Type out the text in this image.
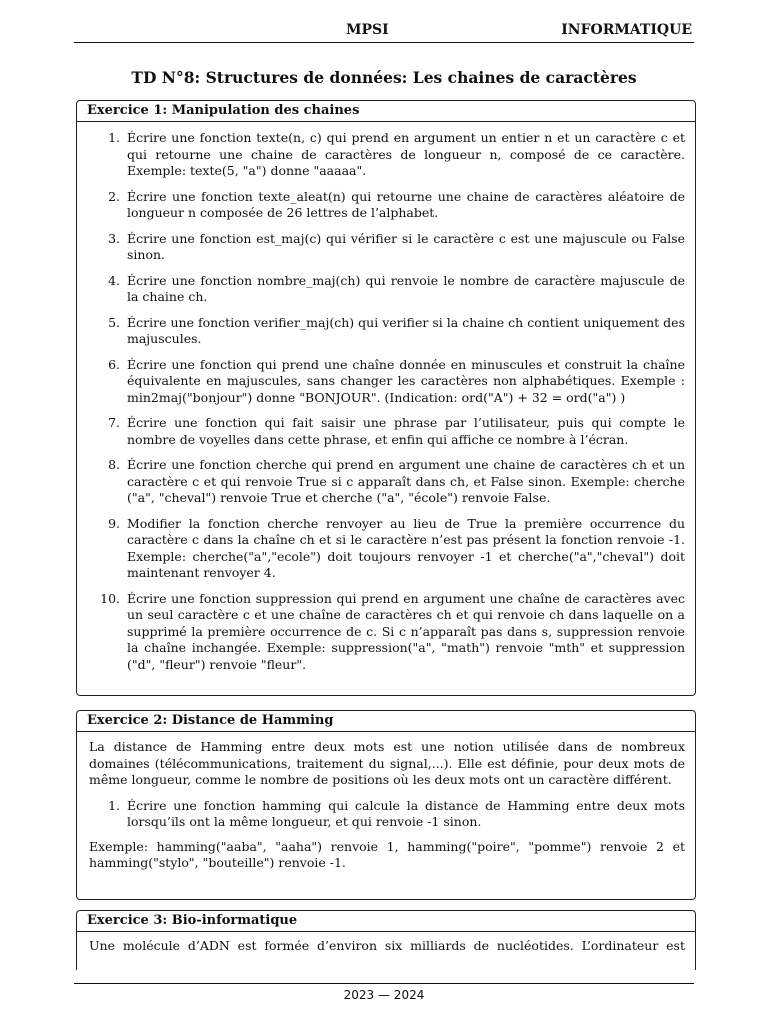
MPSI	INFORMATIQUE
TD N°8: Structures de données: Les chaines de caractères
Exercice 1: Manipulation des chaines
1. Écrire une fonction texte(n, c) qui prend en argument un entier n et un caractère c et qui retourne une chaine de caractères de longueur n, composé de ce caractère. Exemple: texte(5, "a") donne "aaaaa".
2. Écrire une fonction texte_aleat(n) qui retourne une chaine de caractères aléatoire de longueur n composée de 26 lettres de l’alphabet.
3. Écrire une fonction est_maj(c) qui vérifier si le caractère c est une majuscule ou False sinon.
4. Écrire une fonction nombre_maj(ch) qui renvoie le nombre de caractère majuscule de la chaine ch.
5. Écrire une fonction verifier_maj(ch) qui verifier si la chaine ch contient uniquement des majuscules.
6. Écrire une fonction qui prend une chaîne donnée en minuscules et construit la chaîne équivalente en majuscules, sans changer les caractères non alphabétiques. Exemple : min2maj("bonjour") donne "BONJOUR". (Indication: ord("A") + 32 = ord("a") )
7. Écrire une fonction qui fait saisir une phrase par l’utilisateur, puis qui compte le nombre de voyelles dans cette phrase, et enfin qui affiche ce nombre à l’écran.
8. Écrire une fonction cherche qui prend en argument une chaine de caractères ch et un caractère c et qui renvoie True si c apparaît dans ch, et False sinon. Exemple: cherche ("a", "cheval") renvoie True et cherche ("a", "école") renvoie False.
9. Modifier la fonction cherche renvoyer au lieu de True la première occurrence du caractère c dans la chaîne ch et si le caractère n’est pas présent la fonction renvoie -1. Exemple: cherche("a","ecole") doit toujours renvoyer -1 et cherche("a","cheval") doit maintenant renvoyer 4.
10. Écrire une fonction suppression qui prend en argument une chaîne de caractères avec un seul caractère c et une chaîne de caractères ch et qui renvoie ch dans laquelle on a supprimé la première occurrence de c. Si c n’apparaît pas dans s, suppression renvoie la chaîne inchangée. Exemple: suppression("a", "math") renvoie "mth" et suppression ("d", "fleur") renvoie "fleur".
Exercice 2: Distance de Hamming

La distance de Hamming entre deux mots est une notion utilisée dans de nombreux domaines (télécommunications, traitement du signal,...). Elle est définie, pour deux mots de même longueur, comme le nombre de positions où les deux mots ont un caractère différent.

1. Écrire une fonction hamming qui calcule la distance de Hamming entre deux mots lorsqu’ils ont la même longueur, et qui renvoie -1 sinon.

Exemple: hamming("aaba", "aaha") renvoie 1, hamming("poire", "pomme") renvoie 2 et hamming("stylo", "bouteille") renvoie -1.

Exercice 3: Bio-informatique

Une molécule d’ADN est formée d’environ six milliards de nucléotides. L’ordinateur est

2023 — 2024
